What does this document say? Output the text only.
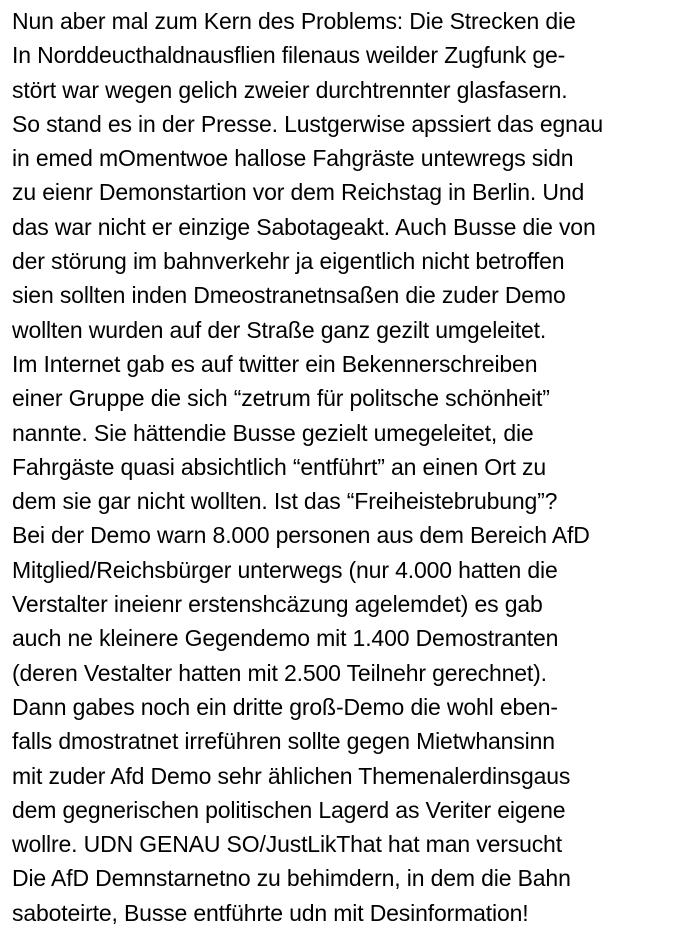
Nun aber mal zum Kern des Problems: Die Strecken die
In Norddeucthaldnausflien filenaus weilder Zugfunk ge-
stört war wegen gelich zweier durchtrennter glasfasern.
So stand es in der Presse. Lustgerwise apssiert das egnau
in emed mOmentwoe hallose Fahgräste untewregs sidn
zu eienr Demonstartion vor dem Reichstag in Berlin. Und
das war nicht er einzige Sabotageakt. Auch Busse die von
der störung im bahnverkehr ja eigentlich nicht betroffen
sien sollten inden Dmeostranetnsaßen die zuder Demo
wollten wurden auf der Straße ganz gezilt umgeleitet.
Im Internet gab es auf twitter ein Bekennerschreiben
einer Gruppe die sich “zetrum für politsche schönheit”
nannte. Sie hättendie Busse gezielt umegeleitet, die
Fahrgäste quasi absichtlich “entführt” an einen Ort zu
dem sie gar nicht wollten. Ist das “Freiheistebrubung”?
Bei der Demo warn 8.000 personen aus dem Bereich AfD
Mitglied/Reichsbürger unterwegs (nur 4.000 hatten die
Verstalter ineienr erstenshcäzung agelemdet) es gab
auch ne kleinere Gegendemo mit 1.400 Demostranten
(deren Vestalter hatten mit 2.500 Teilnehr gerechnet).
Dann gabes noch ein dritte groß-Demo die wohl eben-
falls dmostratnet irreführen sollte gegen Mietwhansinn
mit zuder Afd Demo sehr ählichen Themenalerdinsgaus
dem gegnerischen politischen Lagerd as Veriter eigene
wollre. UDN GENAU SO/JustLikThat hat man versucht
Die AfD Demnstarnetno zu behimdern, in dem die Bahn
saboteirte, Busse entführte udn mit Desinformation!
